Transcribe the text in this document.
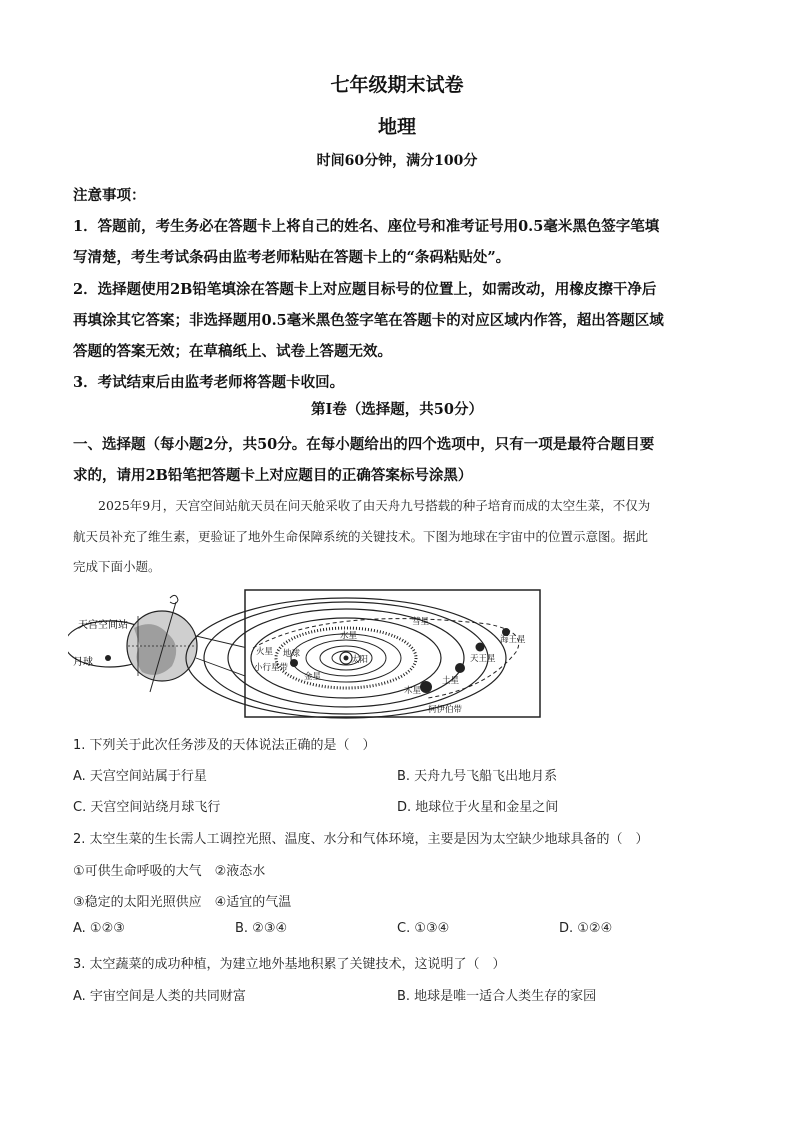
七年级期末试卷
地理
时间60分钟，满分100分
注意事项：
1．答题前，考生务必在答题卡上将自己的姓名、座位号和准考证号用0.5毫米黑色签字笔填
写清楚，考生考试条码由监考老师粘贴在答题卡上的“条码粘贴处”。
2．选择题使用2B铅笔填涂在答题卡上对应题目标号的位置上，如需改动，用橡皮擦干净后
再填涂其它答案；非选择题用0.5毫米黑色签字笔在答题卡的对应区域内作答，超出答题区域
答题的答案无效；在草稿纸上、试卷上答题无效。
3．考试结束后由监考老师将答题卡收回。
第Ⅰ卷（选择题，共50分）
一、选择题（每小题2分，共50分。在每小题给出的四个选项中，只有一项是最符合题目要
求的，请用2B铅笔把答题卡上对应题目的正确答案标号涂黑）
2025年9月，天宫空间站航天员在问天舱采收了由天舟九号搭载的种子培育而成的太空生菜，不仅为
航天员补充了维生素，更验证了地外生命保障系统的关键技术。下图为地球在宇宙中的位置示意图。据此
完成下面小题。
天宫空间站
月球	太阳
地球
火星
金星
水星
小行星带
木星
土星
天王星
海王星
彗星
柯伊伯带
1. 下列关于此次任务涉及的天体说法正确的是（　）
A. 天宫空间站属于行星	B. 天舟九号飞船飞出地月系
C. 天宫空间站绕月球飞行	D. 地球位于火星和金星之间
2. 太空生菜的生长需人工调控光照、温度、水分和气体环境，主要是因为太空缺少地球具备的（　）
①可供生命呼吸的大气　②液态水
③稳定的太阳光照供应　④适宜的气温
A. ①②③	B. ②③④	C. ①③④	D. ①②④
3. 太空蔬菜的成功种植，为建立地外基地积累了关键技术，这说明了（　）
A. 宇宙空间是人类的共同财富	B. 地球是唯一适合人类生存的家园
